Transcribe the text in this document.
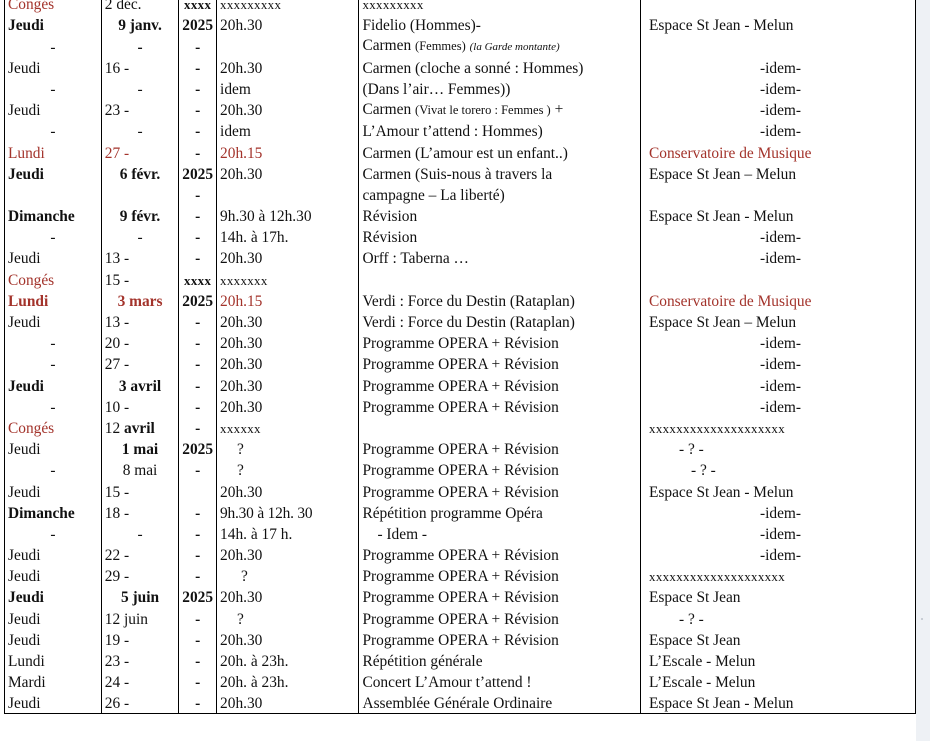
Congés	2 déc.	xxxx	xxxxxxxxx	xxxxxxxxx	
Jeudi	9 janv.	2025	20h.30	Fidelio (Hommes)-	Espace St Jean - Melun
-	-	-		Carmen (Femmes) (la Garde montante)	
Jeudi	16 -	-	20h.30	Carmen (cloche a sonné : Hommes)	-idem-
-	-	-	idem	(Dans l’air… Femmes))	-idem-
Jeudi	23 -	-	20h.30	Carmen (Vivat le torero : Femmes ) +	-idem-
-	-	-	idem	L’Amour t’attend : Hommes)	-idem-
Lundi	27 -	-	20h.15	Carmen (L’amour est un enfant..)	Conservatoire de Musique
Jeudi	6 févr.	2025	20h.30	Carmen (Suis-nous à travers la	Espace St Jean – Melun
		-		campagne – La liberté)	
Dimanche	9 févr.	-	9h.30 à 12h.30	Révision	Espace St Jean - Melun
-	-	-	14h. à 17h.	Révision	-idem-
Jeudi	13 -	-	20h.30	Orff : Taberna …	-idem-
Congés	15 -	xxxx	xxxxxxx		
Lundi	3 mars	2025	20h.15	Verdi : Force du Destin (Rataplan)	Conservatoire de Musique
Jeudi	13 -	-	20h.30	Verdi : Force du Destin (Rataplan)	Espace St Jean – Melun
-	20 -	-	20h.30	Programme OPERA + Révision	-idem-
-	27 -	-	20h.30	Programme OPERA + Révision	-idem-
Jeudi	3 avril	-	20h.30	Programme OPERA + Révision	-idem-
-	10 -	-	20h.30	Programme OPERA + Révision	-idem-
Congés	12 avril	-	xxxxxx		xxxxxxxxxxxxxxxxxxxx
Jeudi	1 mai	2025	?	Programme OPERA + Révision	- ? -
-	8 mai	-	?	Programme OPERA + Révision	- ? -
Jeudi	15 -		20h.30	Programme OPERA + Révision	Espace St Jean - Melun
Dimanche	18 -	-	9h.30 à 12h. 30	Répétition programme Opéra	-idem-
-	-	-	14h. à 17 h.	- Idem -	-idem-
Jeudi	22 -	-	20h.30	Programme OPERA + Révision	-idem-
Jeudi	29 -	-	?	Programme OPERA + Révision	xxxxxxxxxxxxxxxxxxxx
Jeudi	5 juin	2025	20h.30	Programme OPERA + Révision	Espace St Jean
Jeudi	12 juin	-	?	Programme OPERA + Révision	- ? -
Jeudi	19 -	-	20h.30	Programme OPERA + Révision	Espace St Jean
Lundi	23 -	-	20h. à 23h.	Répétition générale	L’Escale - Melun
Mardi	24 -	-	20h. à 23h.	Concert L’Amour t’attend !	L’Escale - Melun
Jeudi	26 -	-	20h.30	Assemblée Générale Ordinaire	Espace St Jean - Melun
